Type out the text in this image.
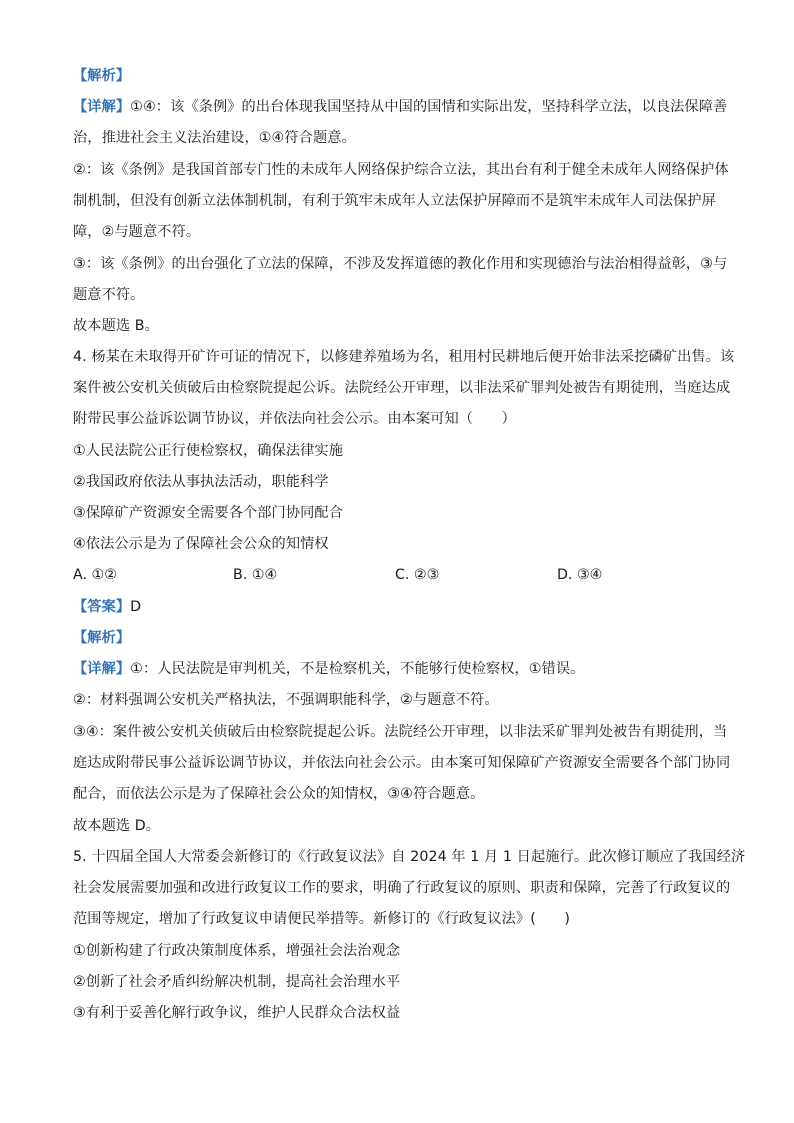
【解析】
【详解】①④：该《条例》的出台体现我国坚持从中国的国情和实际出发，坚持科学立法，以良法保障善
治，推进社会主义法治建设，①④符合题意。
②：该《条例》是我国首部专门性的未成年人网络保护综合立法，其出台有利于健全未成年人网络保护体
制机制，但没有创新立法体制机制，有利于筑牢未成年人立法保护屏障而不是筑牢未成年人司法保护屏
障，②与题意不符。
③：该《条例》的出台强化了立法的保障，不涉及发挥道德的教化作用和实现德治与法治相得益彰，③与
题意不符。
故本题选 B。
4. 杨某在未取得开矿许可证的情况下，以修建养殖场为名，租用村民耕地后便开始非法采挖磷矿出售。该
案件被公安机关侦破后由检察院提起公诉。法院经公开审理，以非法采矿罪判处被告有期徒刑，当庭达成
附带民事公益诉讼调节协议，并依法向社会公示。由本案可知（　　）
①人民法院公正行使检察权，确保法律实施
②我国政府依法从事执法活动，职能科学
③保障矿产资源安全需要各个部门协同配合
④依法公示是为了保障社会公众的知情权
A. ①②	B. ①④	C. ②③	D. ③④
【答案】D
【解析】
【详解】①：人民法院是审判机关，不是检察机关，不能够行使检察权，①错误。
②：材料强调公安机关严格执法，不强调职能科学，②与题意不符。
③④：案件被公安机关侦破后由检察院提起公诉。法院经公开审理，以非法采矿罪判处被告有期徒刑，当
庭达成附带民事公益诉讼调节协议，并依法向社会公示。由本案可知保障矿产资源安全需要各个部门协同
配合，而依法公示是为了保障社会公众的知情权，③④符合题意。
故本题选 D。
5. 十四届全国人大常委会新修订的《行政复议法》自 2024 年 1 月 1 日起施行。此次修订顺应了我国经济
社会发展需要加强和改进行政复议工作的要求，明确了行政复议的原则、职责和保障，完善了行政复议的
范围等规定，增加了行政复议申请便民举措等。新修订的《行政复议法》(　　)
①创新构建了行政决策制度体系，增强社会法治观念
②创新了社会矛盾纠纷解决机制，提高社会治理水平
③有利于妥善化解行政争议，维护人民群众合法权益
